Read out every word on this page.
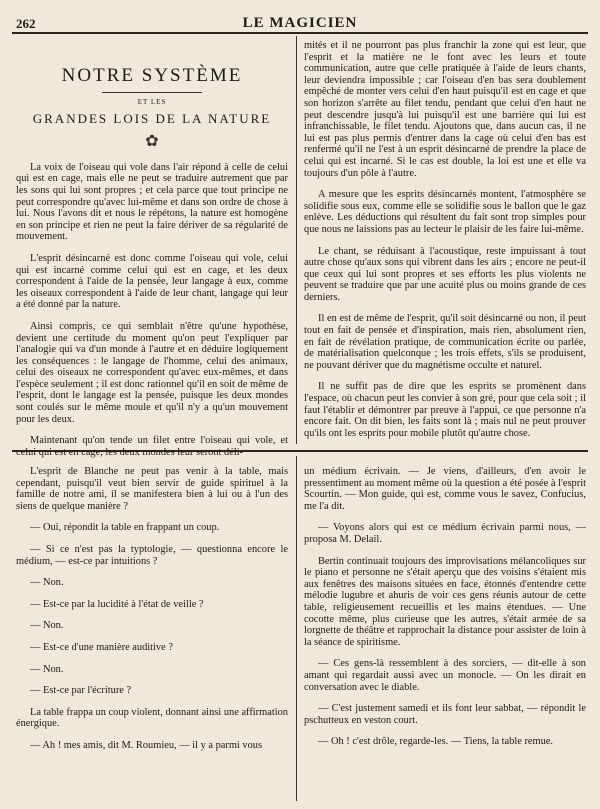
262	LE MAGICIEN
NOTRE SYSTÈME
ET LES
GRANDES LOIS DE LA NATURE
✿

La voix de l'oiseau qui vole dans l'air répond à celle de celui qui est en cage, mais elle ne peut se traduire autrement que par les sons qui lui sont propres ; et cela parce que tout principe ne peut correspondre qu'avec lui-même et dans son ordre de chose à lui. Nous l'avons dit et nous le répétons, la nature est homogène en son principe et rien ne peut la faire dériver de sa régularité de mouvement.

L'esprit désincarné est donc comme l'oiseau qui vole, celui qui est incarné comme celui qui est en cage, et les deux correspondent à l'aide de la pensée, leur langage à eux, comme les oiseaux correspondent à l'aide de leur chant, langage qui leur a été donné par la nature.

Ainsi compris, ce qui semblait n'être qu'une hypothèse, devient une certitude du moment qu'on peut l'expliquer par l'analogie qui va d'un monde à l'autre et en déduire logiquement les conséquences : le langage de l'homme, celui des animaux, celui des oiseaux ne correspondent qu'avec eux-mêmes, et dans l'espèce seulement ; il est donc rationnel qu'il en soit de même de l'esprit, dont le langage est la pensée, puisque les deux mondes sont coulés sur le même moule et qu'il n'y a qu'un mouvement pour les deux.

Maintenant qu'on tende un filet entre l'oiseau qui vole, et celui qui est en cage, les deux mondes leur seront déli-

mités et il ne pourront pas plus franchir la zone qui est leur, que l'esprit et la matière ne le font avec les leurs et toute communication, autre que celle pratiquée à l'aide de leurs chants, leur deviendra impossible ; car l'oiseau d'en bas sera doublement empêché de monter vers celui d'en haut puisqu'il est en cage et que son horizon s'arrête au filet tendu, pendant que celui d'en haut ne peut descendre jusqu'à lui puisqu'il est une barrière qui lui est infranchissable, le filet tendu. Ajoutons que, dans aucun cas, il ne lui est pas plus permis d'entrer dans la cage où celui d'en bas est renfermé qu'il ne l'est à un esprit désincarné de prendre la place de celui qui est incarné. Si le cas est double, la loi est une et elle va toujours d'un pôle à l'autre.

A mesure que les esprits désincarnés montent, l'atmosphère se solidifie sous eux, comme elle se solidifie sous le ballon que le gaz enlève. Les déductions qui résultent du fait sont trop simples pour que nous ne laissions pas au lecteur le plaisir de les faire lui-même.

Le chant, se réduisant à l'acoustique, reste impuissant à tout autre chose qu'aux sons qui vibrent dans les airs ; encore ne peut-il que ceux qui lui sont propres et ses efforts les plus violents ne peuvent se traduire que par une acuité plus ou moins grande de ces derniers.

Il en est de même de l'esprit, qu'il soit désincarné ou non, il peut tout en fait de pensée et d'inspiration, mais rien, absolument rien, en fait de révélation pratique, de communication écrite ou parlée, de matérialisation quelconque ; les trois effets, s'ils se produisent, ne pouvant dériver que du magnétisme occulte et naturel.

Il ne suffit pas de dire que les esprits se promènent dans l'espace, où chacun peut les convier à son gré, pour que cela soit ; il faut l'établir et démontrer par preuve à l'appui, ce que personne n'a encore fait. On dit bien, les faits sont là ; mais nul ne peut prouver qu'ils ont les esprits pour mobile plutôt qu'autre chose.

L'esprit de Blanche ne peut pas venir à la table, mais cependant, puisqu'il veut bien servir de guide spirituel à la famille de notre ami, il se manifestera bien à lui ou à l'un des siens de quelque manière ?

— Oui, répondit la table en frappant un coup.

— Si ce n'est pas la typtologie, — questionna encore le médium, — est-ce par intuitions ?

— Non.

— Est-ce par la lucidité à l'état de veille ?

— Non.

— Est-ce d'une manière auditive ?

— Non.

— Est-ce par l'écriture ?

La table frappa un coup violent, donnant ainsi une affirmation énergique.

— Ah ! mes amis, dit M. Roumieu, — il y a parmi vous

un médium écrivain. — Je viens, d'ailleurs, d'en avoir le pressentiment au moment même où la question a été posée à l'esprit Scourtin. — Mon guide, qui est, comme vous le savez, Confucius, me l'a dit.

— Voyons alors qui est ce médium écrivain parmi nous, — proposa M. Delail.

Bertin continuait toujours des improvisations mélancoliques sur le piano et personne ne s'était aperçu que des voisins s'étaient mis aux fenêtres des maisons situées en face, étonnés d'entendre cette mélodie lugubre et ahuris de voir ces gens réunis autour de cette table, religieusement recueillis et les mains étendues. — Une cocotte même, plus curieuse que les autres, s'était armée de sa lorgnette de théâtre et rapprochait la distance pour assister de loin à la séance de spiritisme.

— Ces gens-là ressemblent à des sorciers, — dit-elle à son amant qui regardait aussi avec un monocle. — On les dirait en conversation avec le diable.

— C'est justement samedi et ils font leur sabbat, — répondit le pschutteux en veston court.

— Oh ! c'est drôle, regarde-les. — Tiens, la table remue.
